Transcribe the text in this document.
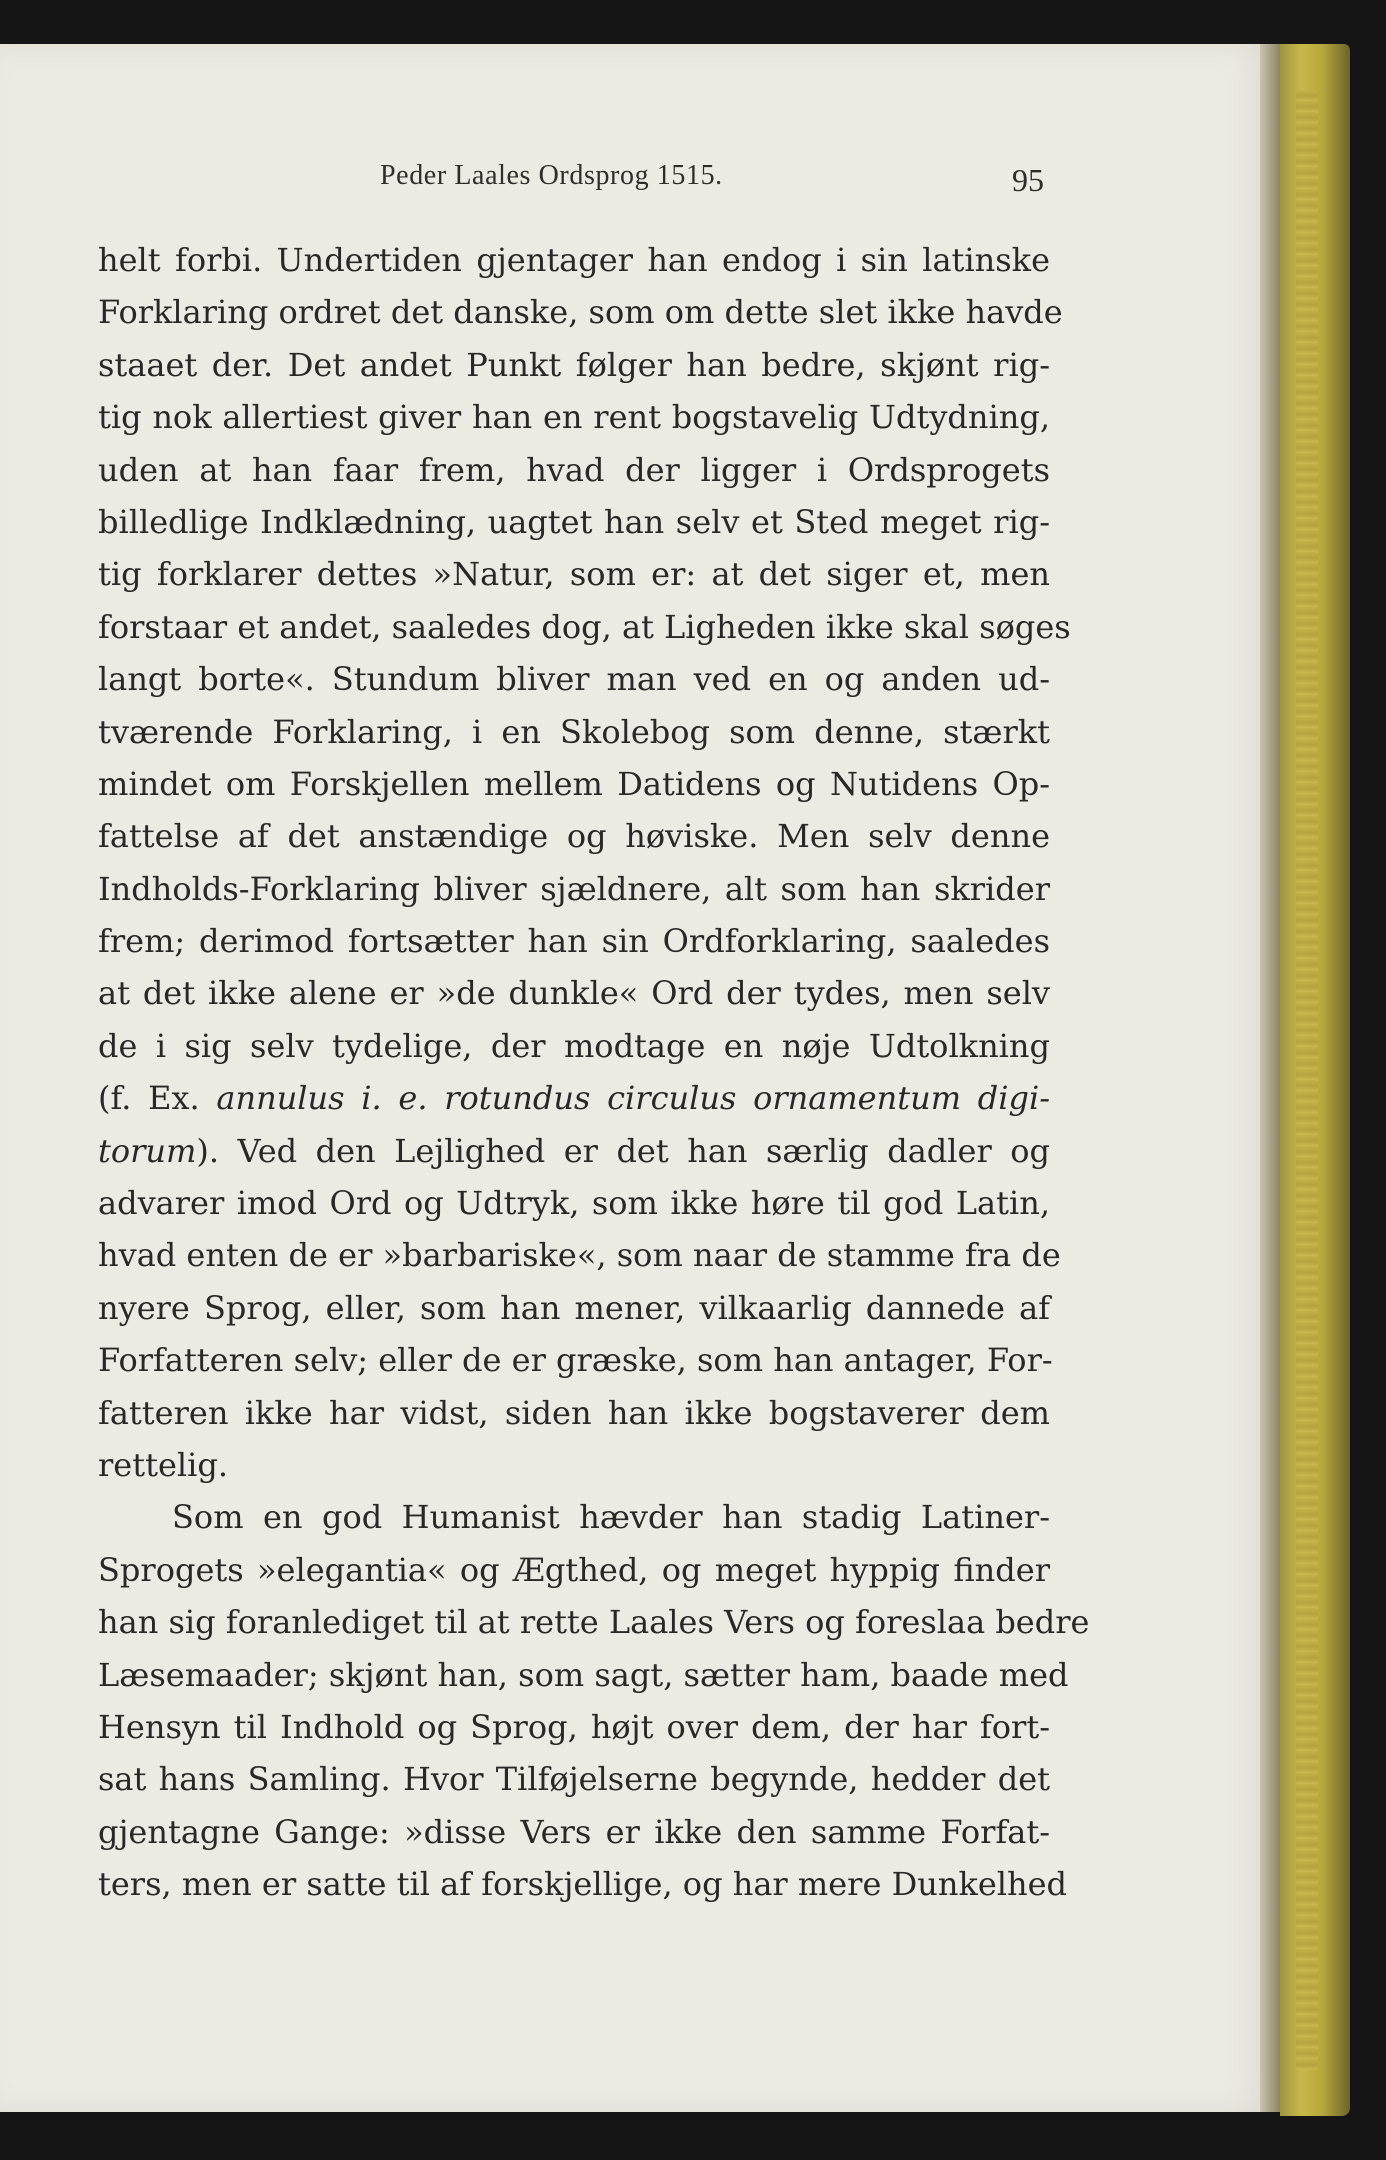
Peder Laales Ordsprog 1515.	95
helt forbi. Undertiden gjentager han endog i sin latinske
Forklaring ordret det danske, som om dette slet ikke havde
staaet der. Det andet Punkt følger han bedre, skjønt rig-
tig nok allertiest giver han en rent bogstavelig Udtydning,
uden at han faar frem, hvad der ligger i Ordsprogets
billedlige Indklædning, uagtet han selv et Sted meget rig-
tig forklarer dettes »Natur, som er: at det siger et, men
forstaar et andet, saaledes dog, at Ligheden ikke skal søges
langt borte«. Stundum bliver man ved en og anden ud-
tværende Forklaring, i en Skolebog som denne, stærkt
mindet om Forskjellen mellem Datidens og Nutidens Op-
fattelse af det anstændige og høviske. Men selv denne
Indholds-Forklaring bliver sjældnere, alt som han skrider
frem; derimod fortsætter han sin Ordforklaring, saaledes
at det ikke alene er »de dunkle« Ord der tydes, men selv
de i sig selv tydelige, der modtage en nøje Udtolkning
(f. Ex. annulus i. e. rotundus circulus ornamentum digi-
torum). Ved den Lejlighed er det han særlig dadler og
advarer imod Ord og Udtryk, som ikke høre til god Latin,
hvad enten de er »barbariske«, som naar de stamme fra de
nyere Sprog, eller, som han mener, vilkaarlig dannede af
Forfatteren selv; eller de er græske, som han antager, For-
fatteren ikke har vidst, siden han ikke bogstaverer dem
rettelig.
Som en god Humanist hævder han stadig Latiner-
Sprogets »elegantia« og Ægthed, og meget hyppig finder
han sig foranlediget til at rette Laales Vers og foreslaa bedre
Læsemaader; skjønt han, som sagt, sætter ham, baade med
Hensyn til Indhold og Sprog, højt over dem, der har fort-
sat hans Samling. Hvor Tilføjelserne begynde, hedder det
gjentagne Gange: »disse Vers er ikke den samme Forfat-
ters, men er satte til af forskjellige, og har mere Dunkelhed
